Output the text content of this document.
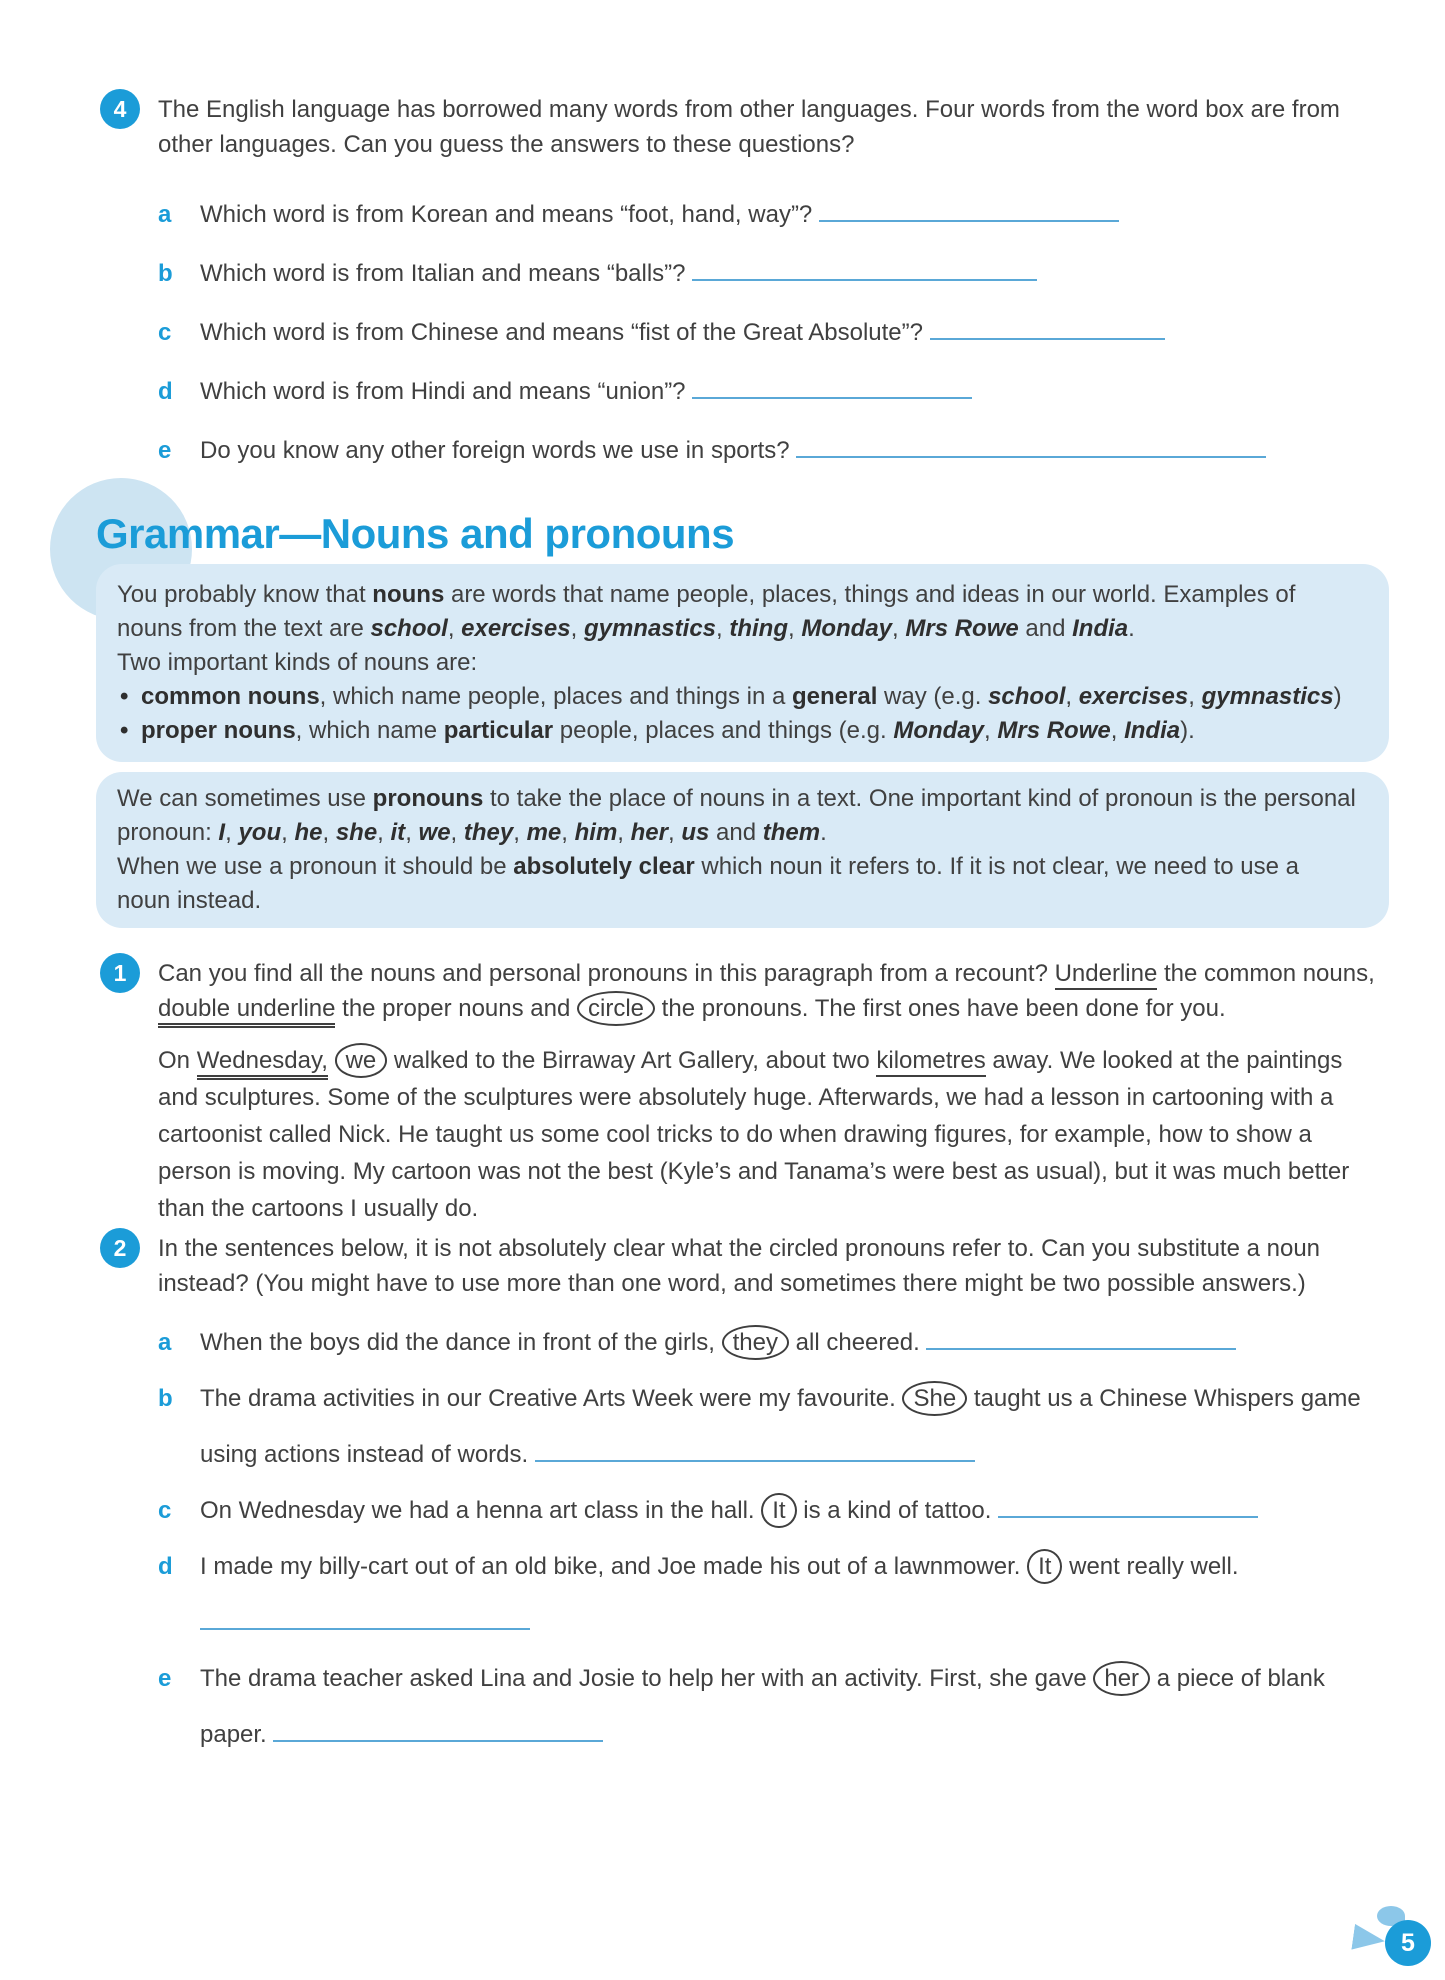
4	The English language has borrowed many words from other languages. Four words from the word box are from other languages. Can you guess the answers to these questions?

a	Which word is from Korean and means “foot, hand, way”?
b	Which word is from Italian and means “balls”?
c	Which word is from Chinese and means “fist of the Great Absolute”?
d	Which word is from Hindi and means “union”?
e	Do you know any other foreign words we use in sports?
Grammar—Nouns and pronouns

You probably know that nouns are words that name people, places, things and ideas in our world. Examples of nouns from the text are school, exercises, gymnastics, thing, Monday, Mrs Rowe and India.

Two important kinds of nouns are:

• common nouns, which name people, places and things in a general way (e.g. school, exercises, gymnastics)
• proper nouns, which name particular people, places and things (e.g. Monday, Mrs Rowe, India).

We can sometimes use pronouns to take the place of nouns in a text. One important kind of pronoun is the personal pronoun: I, you, he, she, it, we, they, me, him, her, us and them.

When we use a pronoun it should be absolutely clear which noun it refers to. If it is not clear, we need to use a noun instead.

1	Can you find all the nouns and personal pronouns in this paragraph from a recount? Underline the common nouns, double underline the proper nouns and circle the pronouns. The first ones have been done for you.

On Wednesday, we walked to the Birraway Art Gallery, about two kilometres away. We looked at the paintings and sculptures. Some of the sculptures were absolutely huge. Afterwards, we had a lesson in cartooning with a cartoonist called Nick. He taught us some cool tricks to do when drawing figures, for example, how to show a person is moving. My cartoon was not the best (Kyle’s and Tanama’s were best as usual), but it was much better than the cartoons I usually do.

2	In the sentences below, it is not absolutely clear what the circled pronouns refer to. Can you substitute a noun instead? (You might have to use more than one word, and sometimes there might be two possible answers.)

a	When the boys did the dance in front of the girls, they all cheered.
b	The drama activities in our Creative Arts Week were my favourite. She taught us a Chinese Whispers game using actions instead of words.
c	On Wednesday we had a henna art class in the hall. It is a kind of tattoo.
d	I made my billy-cart out of an old bike, and Joe made his out of a lawnmower. It went really well.
e	The drama teacher asked Lina and Josie to help her with an activity. First, she gave her a piece of blank paper.
5
